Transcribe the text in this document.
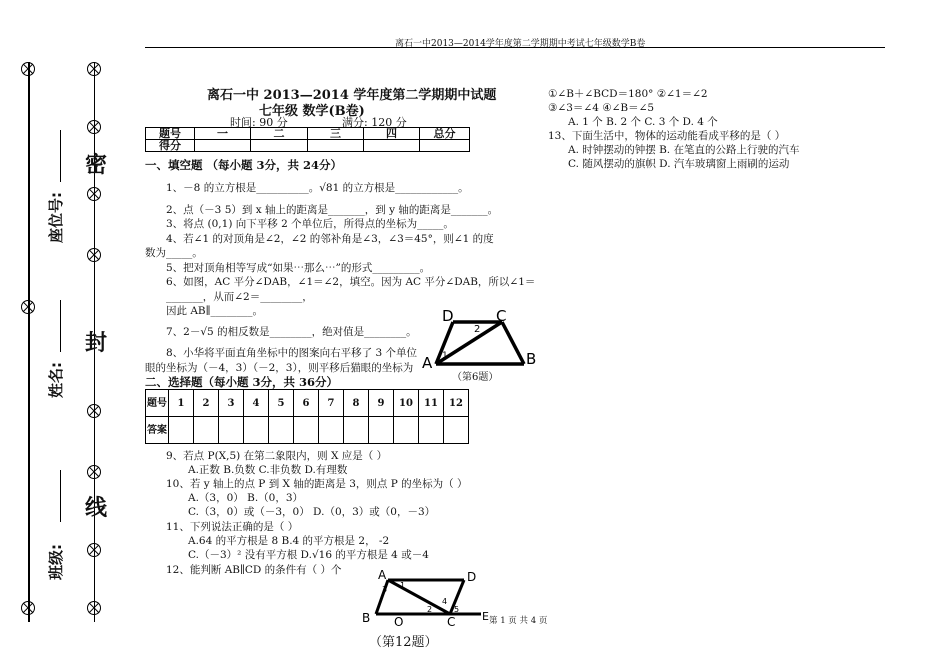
离石一中2013—2014学年度第二学期期中考试七年级数学B卷
座位号:
姓名:
班级:
密
封
线
离石一中 2013—2014 学年度第二学期期中试题
七年级 数学(B卷)
时间: 90 分	满分: 120 分
题号	一	二	三	四	总分
得分					
一、填空题 （每小题 3分，共 24分）
1、－8 的立方根是__________。√81 的立方根是____________。
2、点（－3 5）到 x 轴上的距离是_______，到 y 轴的距离是_______。
3、将点 (0,1) 向下平移 2 个单位后，所得点的坐标为_____。
4、若∠1 的对顶角是∠2，∠2 的邻补角是∠3，∠3＝45°，则∠1 的度
数为_____。
5、把对顶角相等写成“如果⋯那么⋯”的形式_________。
6、如图，AC 平分∠DAB，∠1＝∠2，填空。因为 AC 平分∠DAB，所以∠1＝
_______，从而∠2＝________，
因此 AB∥________。
7、2－√5 的相反数是________，绝对值是________。
8、小华将平面直角坐标中的图案向右平移了 3 个单位
眼的坐标为（－4，3）（－2，3），则平移后猫眼的坐标为
D	C
A	B
2
1
（第6题）
二、选择题（每小题 3分，共 36分）
题号	1	2	3	4	5	6	7	8	9	10	11	12
答案												
9、若点 P(X,5) 在第二象限内，则 X 应是（ ）
A.正数 B.负数 C.非负数 D.有理数
10、若 y 轴上的点 P 到 X 轴的距离是 3，则点 P 的坐标为（ ）
A.（3，0） B.（0，3）
C.（3，0）或（－3，0） D.（0，3）或（0，－3）
11、下列说法正确的是（ ）
A.64 的平方根是 8 B.4 的平方根是 2， -2
C.（－3）² 没有平方根 D.√16 的平方根是 4 或－4
12、能判断 AB∥CD 的条件有（ ）个	A	D
B O	C E
3 1
2
4
5
（第12题）
第 1 页 共 4 页
①∠B＋∠BCD＝180° ②∠1＝∠2
③∠3＝∠4 ④∠B＝∠5
A. 1 个 B. 2 个 C. 3 个 D. 4 个
13、下面生活中，物体的运动能看成平移的是（ ）
A. 时钟摆动的钟摆 B. 在笔直的公路上行驶的汽车
C. 随风摆动的旗帜 D. 汽车玻璃窗上雨刷的运动
